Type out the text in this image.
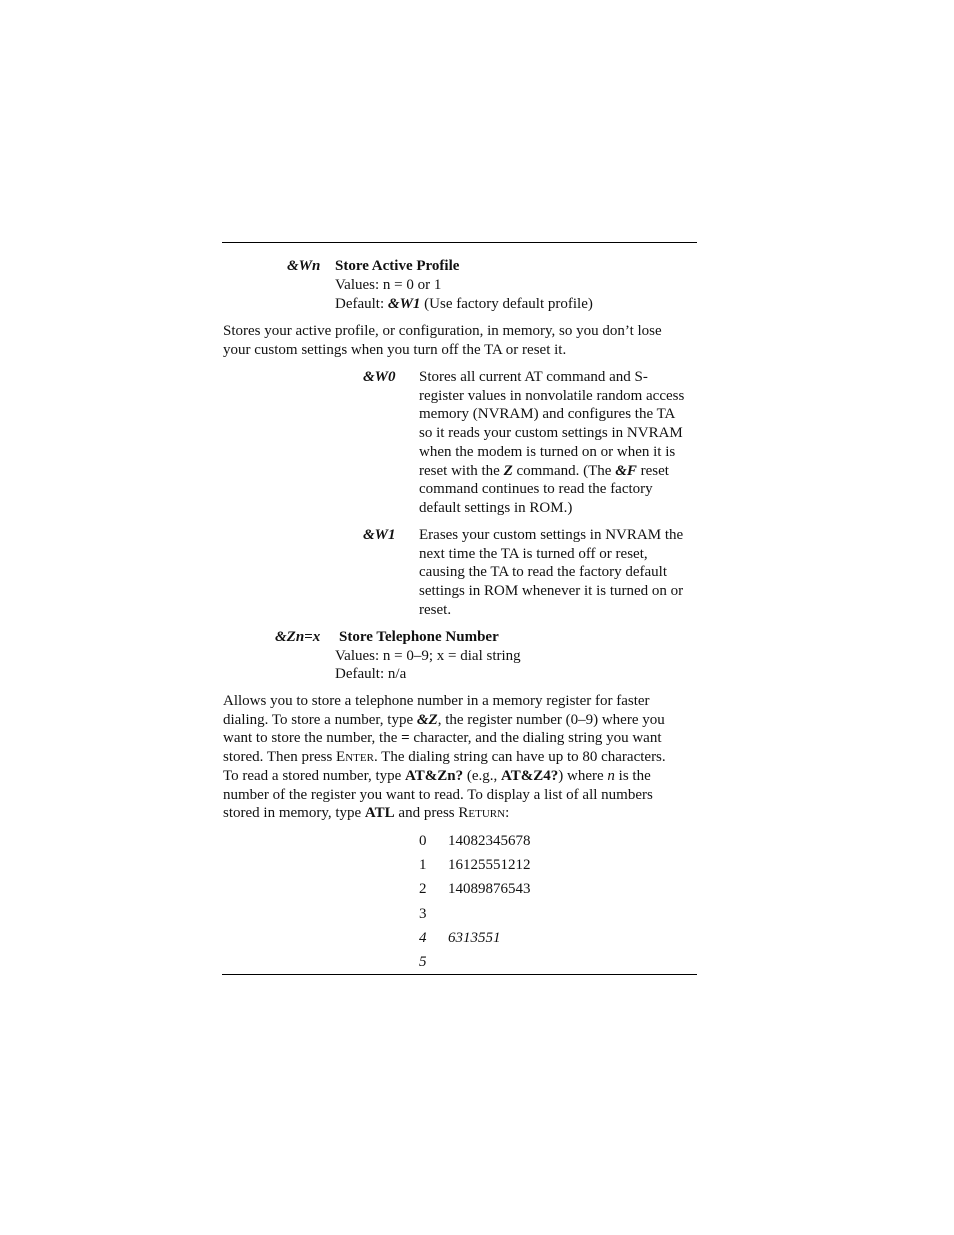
&Wn Store Active Profile
Values: n = 0 or 1
Default: &W1 (Use factory default profile)
Stores your active profile, or configuration, in memory, so you don’t lose
your custom settings when you turn off the TA or reset it.
&W0 Stores all current AT command and S-
register values in nonvolatile random access
memory (NVRAM) and configures the TA
so it reads your custom settings in NVRAM
when the modem is turned on or when it is
reset with the Z command. (The &F reset
command continues to read the factory
default settings in ROM.)
&W1 Erases your custom settings in NVRAM the
next time the TA is turned off or reset,
causing the TA to read the factory default
settings in ROM whenever it is turned on or
reset.
&Zn=x Store Telephone Number
Values: n = 0–9; x = dial string
Default: n/a
Allows you to store a telephone number in a memory register for faster
dialing. To store a number, type &Z, the register number (0–9) where you
want to store the number, the = character, and the dialing string you want
stored. Then press Enter. The dialing string can have up to 80 characters.
To read a stored number, type AT&Zn? (e.g., AT&Z4?) where n is the
number of the register you want to read. To display a list of all numbers
stored in memory, type ATL and press Return:
0 14082345678
1 16125551212
2 14089876543
3
4 6313551
5
